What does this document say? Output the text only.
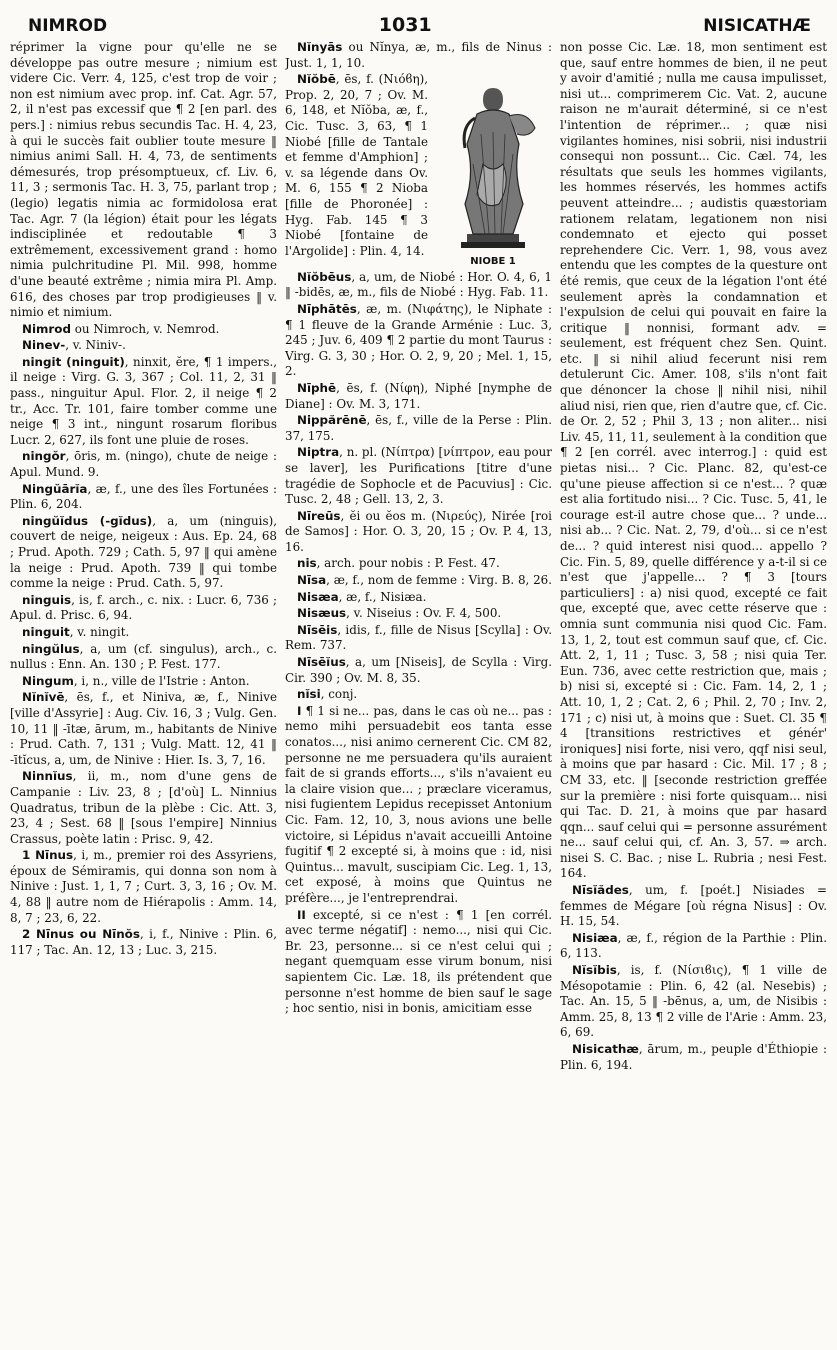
NIMROD	1031	NISICATHÆ

réprimer la vigne pour qu'elle ne se développe pas outre mesure ; nimium est videre Cic. Verr. 4, 125, c'est trop de voir ; non est nimium avec prop. inf. Cat. Agr. 57, 2, il n'est pas excessif que ¶ 2 [en parl. des pers.] : nimius rebus secundis Tac. H. 4, 23, à qui le succès fait oublier toute mesure ‖ nimius animi Sall. H. 4, 73, de sentiments démesurés, trop présomptueux, cf. Liv. 6, 11, 3 ; sermonis Tac. H. 3, 75, parlant trop ; (legio) legatis nimia ac formidolosa erat Tac. Agr. 7 (la légion) était pour les légats indisciplinée et redoutable ¶ 3 extrêmement, excessivement grand : homo nimia pulchritudine Pl. Mil. 998, homme d'une beauté extrême ; nimia mira Pl. Amp. 616, des choses par trop prodigieuses ‖ v. nimio et nimium.

Nimrod ou Nimroch, v. Nemrod.

Ninev-, v. Niniv-.

ningit (ninguit), ninxit, ĕre, ¶ 1 impers., il neige : Virg. G. 3, 367 ; Col. 11, 2, 31 ‖ pass., ninguitur Apul. Flor. 2, il neige ¶ 2 tr., Acc. Tr. 101, faire tomber comme une neige ¶ 3 int., ningunt rosarum floribus Lucr. 2, 627, ils font une pluie de roses.

ningŏr, ōris, m. (ningo), chute de neige : Apul. Mund. 9.

Ningŭārĭa, æ, f., une des îles Fortunées : Plin. 6, 204.

ningŭĭdus (-gĭdus), a, um (ninguis), couvert de neige, neigeux : Aus. Ep. 24, 68 ; Prud. Apoth. 729 ; Cath. 5, 97 ‖ qui amène la neige : Prud. Apoth. 739 ‖ qui tombe comme la neige : Prud. Cath. 5, 97.

ninguis, is, f. arch., c. nix. : Lucr. 6, 736 ; Apul. d. Prisc. 6, 94.

ninguit, v. ningit.

ningŭlus, a, um (cf. singulus), arch., c. nullus : Enn. An. 130 ; P. Fest. 177.

Ningum, i, n., ville de l'Istrie : Anton.

Nĭnĭvē, ēs, f., et Niniva, æ, f., Ninive [ville d'Assyrie] : Aug. Civ. 16, 3 ; Vulg. Gen. 10, 11 ‖ -ītæ, ārum, m., habitants de Ninive : Prud. Cath. 7, 131 ; Vulg. Matt. 12, 41 ‖ -ītĭcus, a, um, de Ninive : Hier. Is. 3, 7, 16.

Ninnĭus, ii, m., nom d'une gens de Campanie : Liv. 23, 8 ; [d'où] L. Ninnius Quadratus, tribun de la plèbe : Cic. Att. 3, 23, 4 ; Sest. 68 ‖ [sous l'empire] Ninnius Crassus, poète latin : Prisc. 9, 42.

1 Nīnus, i, m., premier roi des Assyriens, époux de Sémiramis, qui donna son nom à Ninive : Just. 1, 1, 7 ; Curt. 3, 3, 16 ; Ov. M. 4, 88 ‖ autre nom de Hiérapolis : Amm. 14, 8, 7 ; 23, 6, 22.

2 Nīnus ou Nīnŏs, i, f., Ninive : Plin. 6, 117 ; Tac. An. 12, 13 ; Luc. 3, 215.

Nĭnyās ou Nĭnya, æ, m., fils de Ninus : Just. 1, 1, 10.

Nĭŏbē, ēs, f. (Νιόϐη), Prop. 2, 20, 7 ; Ov. M. 6, 148, et Nĭŏba, æ, f., Cic. Tusc. 3, 63, ¶ 1 Niobé [fille de Tantale et femme d'Amphion] ; v. sa légende dans Ov. M. 6, 155 ¶ 2 Nioba [fille de Phoronée] : Hyg. Fab. 145 ¶ 3 Niobé [fontaine de l'Argolide] : Plin. 4, 14.

NIOBE 1

Nĭŏbēus, a, um, de Niobé : Hor. O. 4, 6, 1 ‖ -bidēs, æ, m., fils de Niobé : Hyg. Fab. 11.

Nīphātēs, æ, m. (Νιφάτης), le Niphate : ¶ 1 fleuve de la Grande Arménie : Luc. 3, 245 ; Juv. 6, 409 ¶ 2 partie du mont Taurus : Virg. G. 3, 30 ; Hor. O. 2, 9, 20 ; Mel. 1, 15, 2.

Nīphē, ēs, f. (Νίφη), Niphé [nymphe de Diane] : Ov. M. 3, 171.

Nippărēnē, ēs, f., ville de la Perse : Plin. 37, 175.

Niptra, n. pl. (Νίπτρα) [νίπτρον, eau pour se laver], les Purifications [titre d'une tragédie de Sophocle et de Pacuvius] : Cic. Tusc. 2, 48 ; Gell. 13, 2, 3.

Nīreūs, ĕi ou ĕos m. (Νιρεύς), Nirée [roi de Samos] : Hor. O. 3, 20, 15 ; Ov. P. 4, 13, 16.

nis, arch. pour nobis : P. Fest. 47.

Nīsa, æ, f., nom de femme : Virg. B. 8, 26.

Nisæa, æ, f., Nisiæa.

Nisæus, v. Niseius : Ov. F. 4, 500.

Nīsēis, idis, f., fille de Nisus [Scylla] : Ov. Rem. 737.

Nīsēĭus, a, um [Niseis], de Scylla : Virg. Cir. 390 ; Ov. M. 8, 35.

nĭsi, conj.

I ¶ 1 si ne... pas, dans le cas où ne... pas : nemo mihi persuadebit eos tanta esse conatos..., nisi animo cernerent Cic. CM 82, personne ne me persuadera qu'ils auraient fait de si grands efforts..., s'ils n'avaient eu la claire vision que... ; præclare viceramus, nisi fugientem Lepidus recepisset Antonium Cic. Fam. 12, 10, 3, nous avions une belle victoire, si Lépidus n'avait accueilli Antoine fugitif ¶ 2 excepté si, à moins que : id, nisi Quintus... mavult, suscipiam Cic. Leg. 1, 13, cet exposé, à moins que Quintus ne préfère..., je l'entreprendrai.

II excepté, si ce n'est : ¶ 1 [en corrél. avec terme négatif] : nemo..., nisi qui Cic. Br. 23, personne... si ce n'est celui qui ; negant quemquam esse virum bonum, nisi sapientem Cic. Læ. 18, ils prétendent que personne n'est homme de bien sauf le sage ; hoc sentio, nisi in bonis, amicitiam esse

non posse Cic. Læ. 18, mon sentiment est que, sauf entre hommes de bien, il ne peut y avoir d'amitié ; nulla me causa impulisset, nisi ut... comprimerem Cic. Vat. 2, aucune raison ne m'aurait déterminé, si ce n'est l'intention de réprimer... ; quæ nisi vigilantes homines, nisi sobrii, nisi industrii consequi non possunt... Cic. Cæl. 74, les résultats que seuls les hommes vigilants, les hommes réservés, les hommes actifs peuvent atteindre... ; audistis quæstoriam rationem relatam, legationem non nisi condemnato et ejecto qui posset reprehendere Cic. Verr. 1, 98, vous avez entendu que les comptes de la questure ont été remis, que ceux de la légation l'ont été seulement après la condamnation et l'expulsion de celui qui pouvait en faire la critique ‖ nonnisi, formant adv. = seulement, est fréquent chez Sen. Quint. etc. ‖ si nihil aliud fecerunt nisi rem detulerunt Cic. Amer. 108, s'ils n'ont fait que dénoncer la chose ‖ nihil nisi, nihil aliud nisi, rien que, rien d'autre que, cf. Cic. de Or. 2, 52 ; Phil 3, 13 ; non aliter... nisi Liv. 45, 11, 11, seulement à la condition que ¶ 2 [en corrél. avec interrog.] : quid est pietas nisi... ? Cic. Planc. 82, qu'est-ce qu'une pieuse affection si ce n'est... ? quæ est alia fortitudo nisi... ? Cic. Tusc. 5, 41, le courage est-il autre chose que... ? unde... nisi ab... ? Cic. Nat. 2, 79, d'où... si ce n'est de... ? quid interest nisi quod... appello ? Cic. Fin. 5, 89, quelle différence y a-t-il si ce n'est que j'appelle... ? ¶ 3 [tours particuliers] : a) nisi quod, excepté ce fait que, excepté que, avec cette réserve que : omnia sunt communia nisi quod Cic. Fam. 13, 1, 2, tout est commun sauf que, cf. Cic. Att. 2, 1, 11 ; Tusc. 3, 58 ; nisi quia Ter. Eun. 736, avec cette restriction que, mais ; b) nisi si, excepté si : Cic. Fam. 14, 2, 1 ; Att. 10, 1, 2 ; Cat. 2, 6 ; Phil. 2, 70 ; Inv. 2, 171 ; c) nisi ut, à moins que : Suet. Cl. 35 ¶ 4 [transitions restrictives et génér' ironiques] nisi forte, nisi vero, qqf nisi seul, à moins que par hasard : Cic. Mil. 17 ; 8 ; CM 33, etc. ‖ [seconde restriction greffée sur la première : nisi forte quisquam... nisi qui Tac. D. 21, à moins que par hasard qqn... sauf celui qui = personne assurément ne... sauf celui qui, cf. An. 3, 57. ⇒ arch. nisei S. C. Bac. ; nise L. Rubria ; nesi Fest. 164.

Nīsĭădes, um, f. [poét.] Nisiades = femmes de Mégare [où régna Nisus] : Ov. H. 15, 54.

Nisiæa, æ, f., région de la Parthie : Plin. 6, 113.

Nĭsĭbis, is, f. (Νίσιϐις), ¶ 1 ville de Mésopotamie : Plin. 6, 42 (al. Nesebis) ; Tac. An. 15, 5 ‖ -bēnus, a, um, de Nisibis : Amm. 25, 8, 13 ¶ 2 ville de l'Arie : Amm. 23, 6, 69.

Nisicathæ, ārum, m., peuple d'Éthiopie : Plin. 6, 194.
